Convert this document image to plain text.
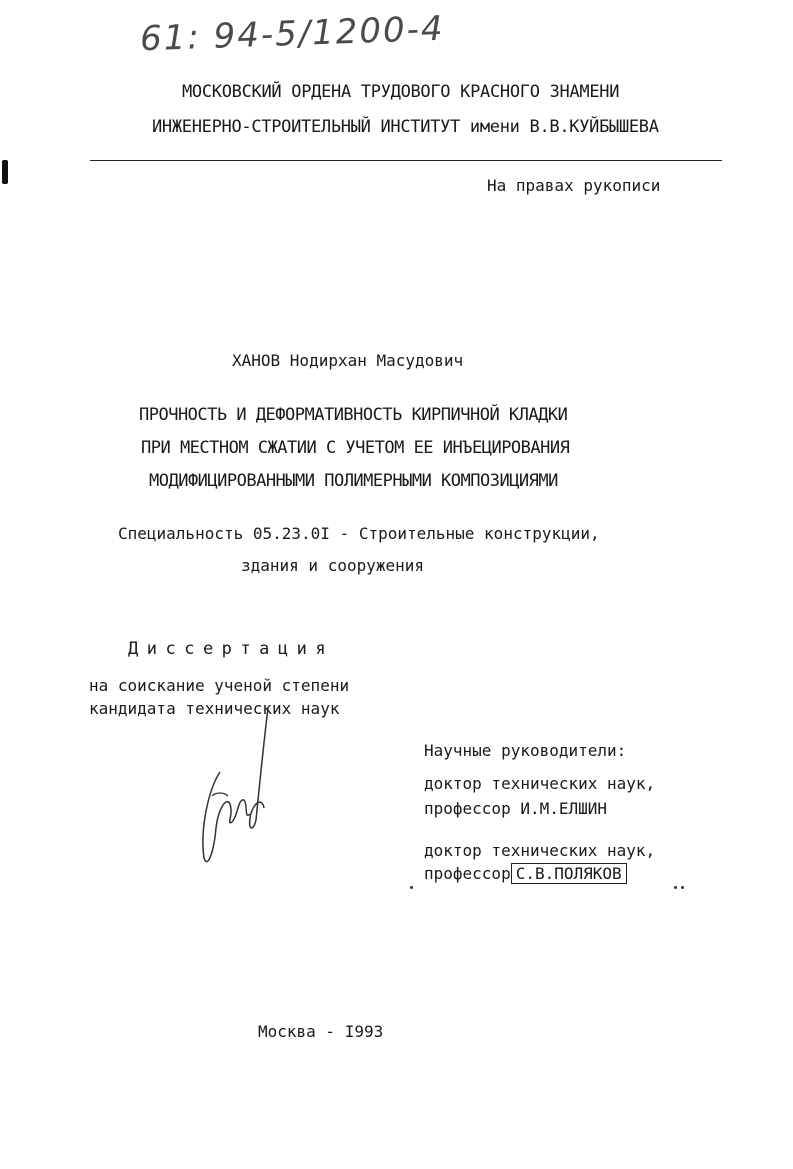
61: 94-5/1200-4
МОСКОВСКИЙ ОРДЕНА ТРУДОВОГО КРАСНОГО ЗНАМЕНИ
ИНЖЕНЕРНО-СТРОИТЕЛЬНЫЙ ИНСТИТУТ имени В.В.КУЙБЫШЕВА
На правах рукописи
ХАНОВ Нодирхан Масудович
ПРОЧНОСТЬ И ДЕФОРМАТИВНОСТЬ КИРПИЧНОЙ КЛАДКИ
ПРИ МЕСТНОМ СЖАТИИ С УЧЕТОМ ЕЕ ИНЪЕЦИРОВАНИЯ
МОДИФИЦИРОВАННЫМИ ПОЛИМЕРНЫМИ КОМПОЗИЦИЯМИ
Специальность 05.23.0I - Строительные конструкции,
здания и сооружения
Диссертация
на соискание ученой степени
кандидата технических наук
Научные руководители:
доктор технических наук,
профессор И.М.ЕЛШИН
доктор технических наук,
профессор С.В.ПОЛЯКОВ
Москва - I993
